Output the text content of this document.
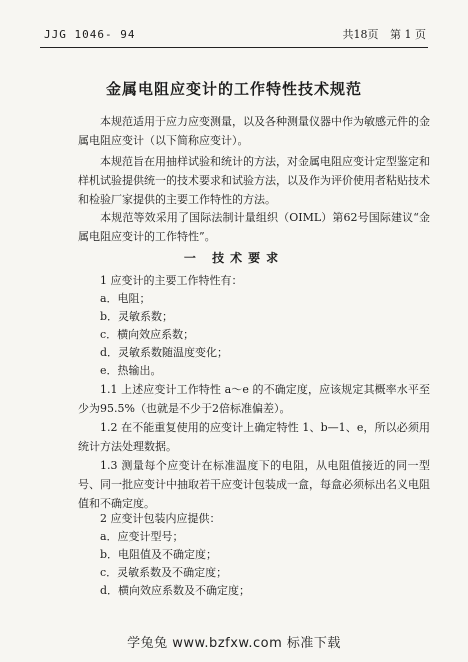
JJG 1046- 94	共18页 第 1 页
金属电阻应变计的工作特性技术规范
本规范适用于应力应变测量，以及各种测量仪器中作为敏感元件的金属电阻应变计（以下简称应变计）。
本规范旨在用抽样试验和统计的方法，对金属电阻应变计定型鉴定和样机试验提供统一的技术要求和试验方法，以及作为评价使用者粘贴技术和检验厂家提供的主要工作特性的方法。
本规范等效采用了国际法制计量组织（OIML）第62号国际建议“金属电阻应变计的工作特性”。
一 技术要求
1 应变计的主要工作特性有：
a．电阻；
b．灵敏系数；
c．横向效应系数；
d．灵敏系数随温度变化；
e．热输出。
1.1 上述应变计工作特性 a～e 的不确定度，应该规定其概率水平至少为95.5%（也就是不少于2倍标准偏差）。
1.2 在不能重复使用的应变计上确定特性 1、b—1、e，所以必须用统计方法处理数据。
1.3 测量每个应变计在标准温度下的电阻，从电阻值接近的同一型号、同一批应变计中抽取若干应变计包装成一盒，每盒必须标出名义电阻值和不确定度。
2 应变计包装内应提供：
a．应变计型号；
b．电阻值及不确定度；
c．灵敏系数及不确定度；
d．横向效应系数及不确定度；
学兔兔 www.bzfxw.com 标准下载
